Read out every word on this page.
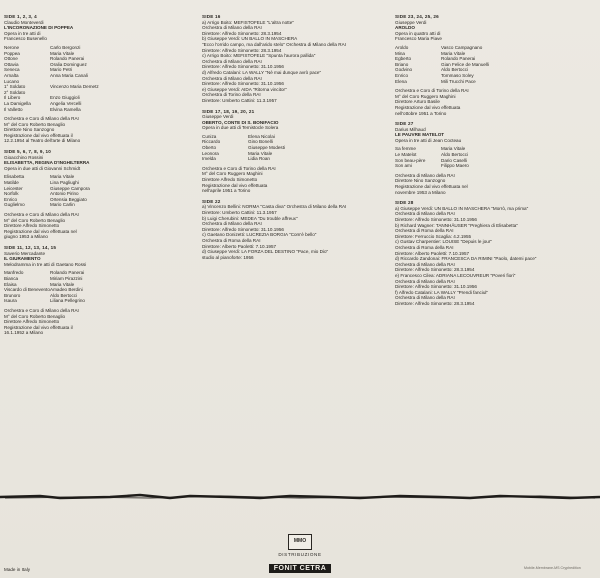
SIDE 1, 2, 3, 4
Claudio Monteverdi
L'INCORONAZIONE DI POPPEA
Opera in tre atti di
Francesco Busenello
Nerone	Carlo Bergonzi
Poppea	Maria Vitale
Ottone	Rolando Panerai
Ottavia	Oralia Dominguez
Seneca	Mario Petri
Arnalta	Anna Maria Canali
Lucano
1° Soldato	Vincenzo Maria Demetz
2° Soldato
Il Libero	Enzo Giuggioli
La Damigella	Angelia Vercelli
Il Valletto	Elvina Ramella
Orchestra e Coro di Milano della RAI
M° del Coro Roberto Benaglio
Direttore Nino Sanzogno
Registrazione dal vivo effettuata il
12.2.1954 al Teatro dell'arte di Milano
SIDE 5, 6, 7, 8, 9, 10
Gioacchino Rossini
ELISABETTA, REGINA D'INGHILTERRA
Opera in due atti di Giovanni Schmidt
Elisabetta	Maria Vitale
Matilde	Lina Pagliughi
Leicester	Giuseppe Campora
Norfolk	Antonio Pirino
Enrico	Ortensia Beggiato
Guglielmo	Mario Carlin
Orchestra e Coro di Milano della RAI
M° del Coro Roberto Benaglio
Direttore Alfredo Simonetto
Registrazione dal vivo effettuata nel
giugno 1953 a Milano
SIDE 11, 12, 13, 14, 15
Saverio Mercadante
IL GIURAMENTO
Melodramma in tre atti di Gaetano Rossi
Manfredo	Rolando Panerai
Bianca	Miriam Pirazzini
Elaisa	Maria Vitale
Viscardo di Benevento Amadeo Berdini
Brunoro	Aldo Bertocci
Isaura	Liliana Pellegrino
Orchestra e Coro di Milano della RAI
M° del Coro Roberto Benaglio
Direttore Alfredo Simonetto
Registrazione dal vivo effettuata il
16.1.1952 a Milano
SIDE 16
a) Arrigo Boito: MEFISTOFELE "L'altra notte"
Orchestra di Milano della RAI
Direttore: Alfredo Simonetto: 28.3.1954
b) Giuseppe Verdi: UN BALLO IN MASCHERA
"Ecco l'orrido campo, ma dall'arido stelo" Orchestra di Milano della RAI
Direttore: Alfredo Simonetto: 28.3.1954
c) Arrigo Boito: MEFISTOFELE "Spunta l'aurora pallida"
Orchestra di Milano della RAI
Direttore: Alfredo Simonetto: 31.10.1956
d) Alfredo Catalani: LA WALLY "Nè mai dunque avrò pace"
Orchestra di Milano della RAI
Direttore: Alfredo Simonetto: 31.10.1956
e) Giuseppe Verdi: AIDA "Ritorna vincitor"
Orchestra di Torino della RAI
Direttore: Umberto Cattini: 11.3.1957
SIDE 17, 18, 19, 20, 21
Giuseppe Verdi
OBERTO, CONTE DI S. BONIFACIO
Opera in due atti di Temistocle Solera
Cuniza	Elena Nicolai
Riccardo	Gino Bonelli
Oberto	Giuseppe Modesti
Leonora	Maria Vitale
Imelda	Lidia Roan
Orchestra e Coro di Torino della RAI
M° del Coro Ruggero Maghini
Direttore Alfredo Simonetto
Registrazione dal vivo effettuata
nell'aprile 1951 a Torino
SIDE 22
a) Vincenzo Bellini: NORMA "Casta diva" Orchestra di Milano della RAI
Direttore: Umberto Cattini: 11.3.1957
b) Luigi Cherubini: MEDEA "Du trouble affreux"
Orchestra di Milano della RAI
Direttore: Alfredo Simonetto: 31.10.1956
c) Gaetano Donizetti: LUCREZIA BORGIA "Com'è bello"
Orchestra di Roma della RAI
Direttore: Alberto Paoletti: 7.10.1957
d) Giuseppe Verdi: LA FORZA DEL DESTINO "Pace, mio Dio"
studio al pianoforte: 1956
SIDE 23, 24, 25, 26
Giuseppe Verdi
AROLDO
Opera in quattro atti di
Francesco Maria Piave
Aroldo	Vasco Campagnano
Mina	Maria Vitale
Egberto	Rolando Panerai
Briano	Gian Felice de Manuelli
Godvino	Aldo Bertocci
Enrico	Tommaso Soley
Elena	Mili Trucchi Pace
Orchestra e Coro di Torino della RAI
M° del Coro Ruggero Maghini
Direttore Arturo Basile
Registrazione dal vivo effettuata
nell'ottobre 1951 a Torino
SIDE 27
Darius Milhaud
LE PAUVRE MATELOT
Opera in tre atti di Jean Cocteau
Sa femme	Maria Vitale
Le Matelot	Aldo Bertocci
Son beau-père	Dario Caselli
Son ami	Filippo Maero
Orchestra di Milano della RAI
Direttore Nino Sanzogno
Registrazione dal vivo effettuata nel
novembre 1953 a Milano
SIDE 28
a) Giuseppe Verdi: UN BALLO IN MASCHERA "Morrò, ma prima"
Orchestra di Milano della RAI
Direttore: Alfredo Simonetto: 31.10.1956
b) Richard Wagner: TANNHÄUSER "Preghiera di Elisabetta"
Orchestra di Roma della RAI
Direttore: Ferruccio Scaglia: 4.2.1955
c) Gustav Charpentier: LOUISE "Depuis le jour"
Orchestra di Roma della RAI
Direttore: Alberto Paoletti: 7.10.1957
d) Riccardo Zandonai: FRANCESCA DA RIMINI "Paolo, datemi pace"
Orchestra di Milano della RAI
Direttore: Alfredo Simonetto: 28.3.1954
e) Francesco Cilea: ADRIANA LECOUVREUR "Poveri fiori"
Orchestra di Milano della RAI
Direttore: Alfredo Simonetto: 31.10.1956
f) Alfredo Catalani: LA WALLY "Prendi fanciul"
Orchestra di Milano della RAI
Direttore: Alfredo Simonetto: 28.3.1954
MMO
DISTRIBUZIONE
FONIT CETRA
Made in Italy	Mobile-Membrane-MS Cryphedition
